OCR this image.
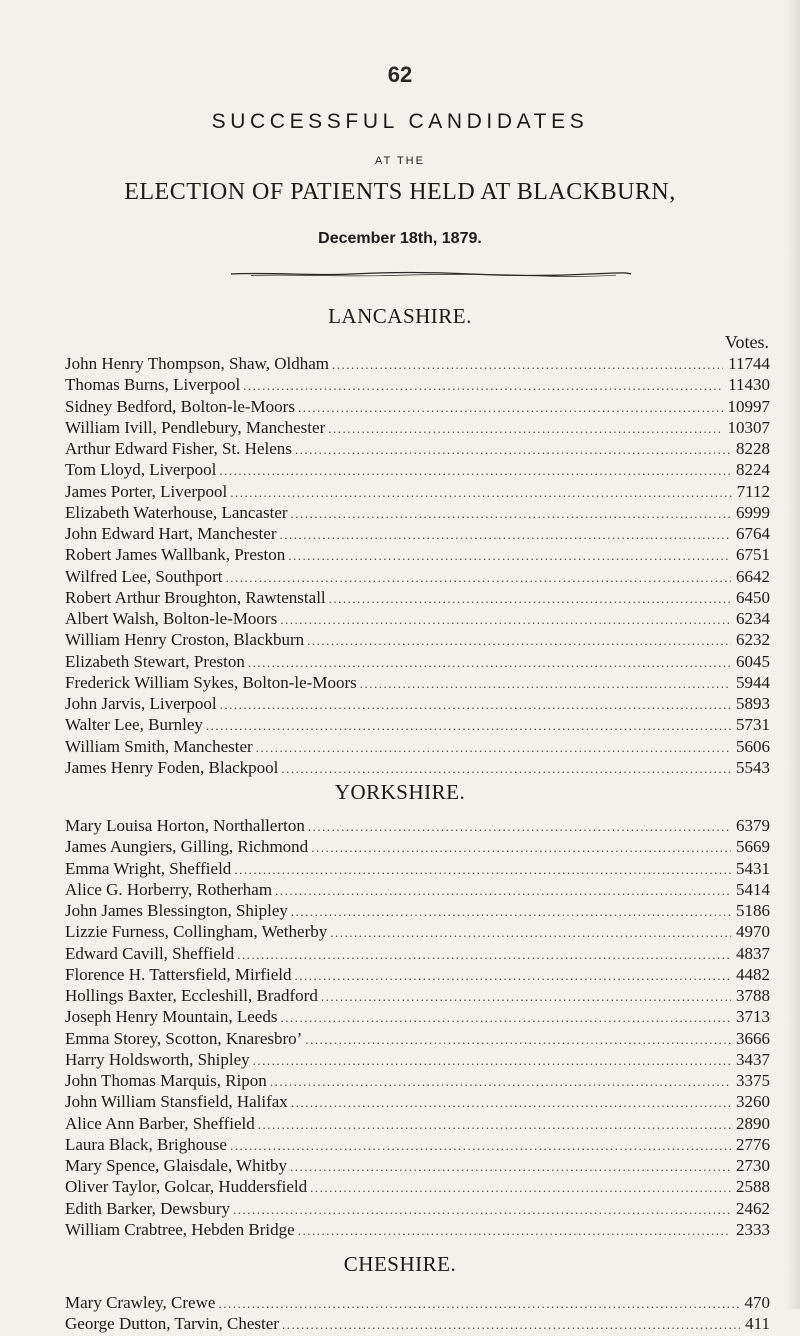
62
SUCCESSFUL CANDIDATES
AT THE
ELECTION OF PATIENTS HELD AT BLACKBURN,
December 18th, 1879.
LANCASHIRE.
Votes.
John Henry Thompson, Shaw, Oldham .....	11744
Thomas Burns, Liverpool .....	11430
Sidney Bedford, Bolton-le-Moors .....	10997
William Ivill, Pendlebury, Manchester .....	10307
Arthur Edward Fisher, St. Helens .....	8228
Tom Lloyd, Liverpool .....	8224
James Porter, Liverpool .....	7112
Elizabeth Waterhouse, Lancaster .....	6999
John Edward Hart, Manchester .....	6764
Robert James Wallbank, Preston .....	6751
Wilfred Lee, Southport .....	6642
Robert Arthur Broughton, Rawtenstall .....	6450
Albert Walsh, Bolton-le-Moors .....	6234
William Henry Croston, Blackburn .....	6232
Elizabeth Stewart, Preston .....	6045
Frederick William Sykes, Bolton-le-Moors .....	5944
John Jarvis, Liverpool .....	5893
Walter Lee, Burnley .....	5731
William Smith, Manchester .....	5606
James Henry Foden, Blackpool .....	5543
YORKSHIRE.
Mary Louisa Horton, Northallerton .....	6379
James Aungiers, Gilling, Richmond .....	5669
Emma Wright, Sheffield .....	5431
Alice G. Horberry, Rotherham .....	5414
John James Blessington, Shipley .....	5186
Lizzie Furness, Collingham, Wetherby .....	4970
Edward Cavill, Sheffield .....	4837
Florence H. Tattersfield, Mirfield .....	4482
Hollings Baxter, Eccleshill, Bradford .....	3788
Joseph Henry Mountain, Leeds .....	3713
Emma Storey, Scotton, Knaresbro’ .....	3666
Harry Holdsworth, Shipley .....	3437
John Thomas Marquis, Ripon .....	3375
John William Stansfield, Halifax .....	3260
Alice Ann Barber, Sheffield .....	2890
Laura Black, Brighouse .....	2776
Mary Spence, Glaisdale, Whitby .....	2730
Oliver Taylor, Golcar, Huddersfield .....	2588
Edith Barker, Dewsbury .....	2462
William Crabtree, Hebden Bridge .....	2333
CHESHIRE.
Mary Crawley, Crewe .....	470
George Dutton, Tarvin, Chester .....	411
